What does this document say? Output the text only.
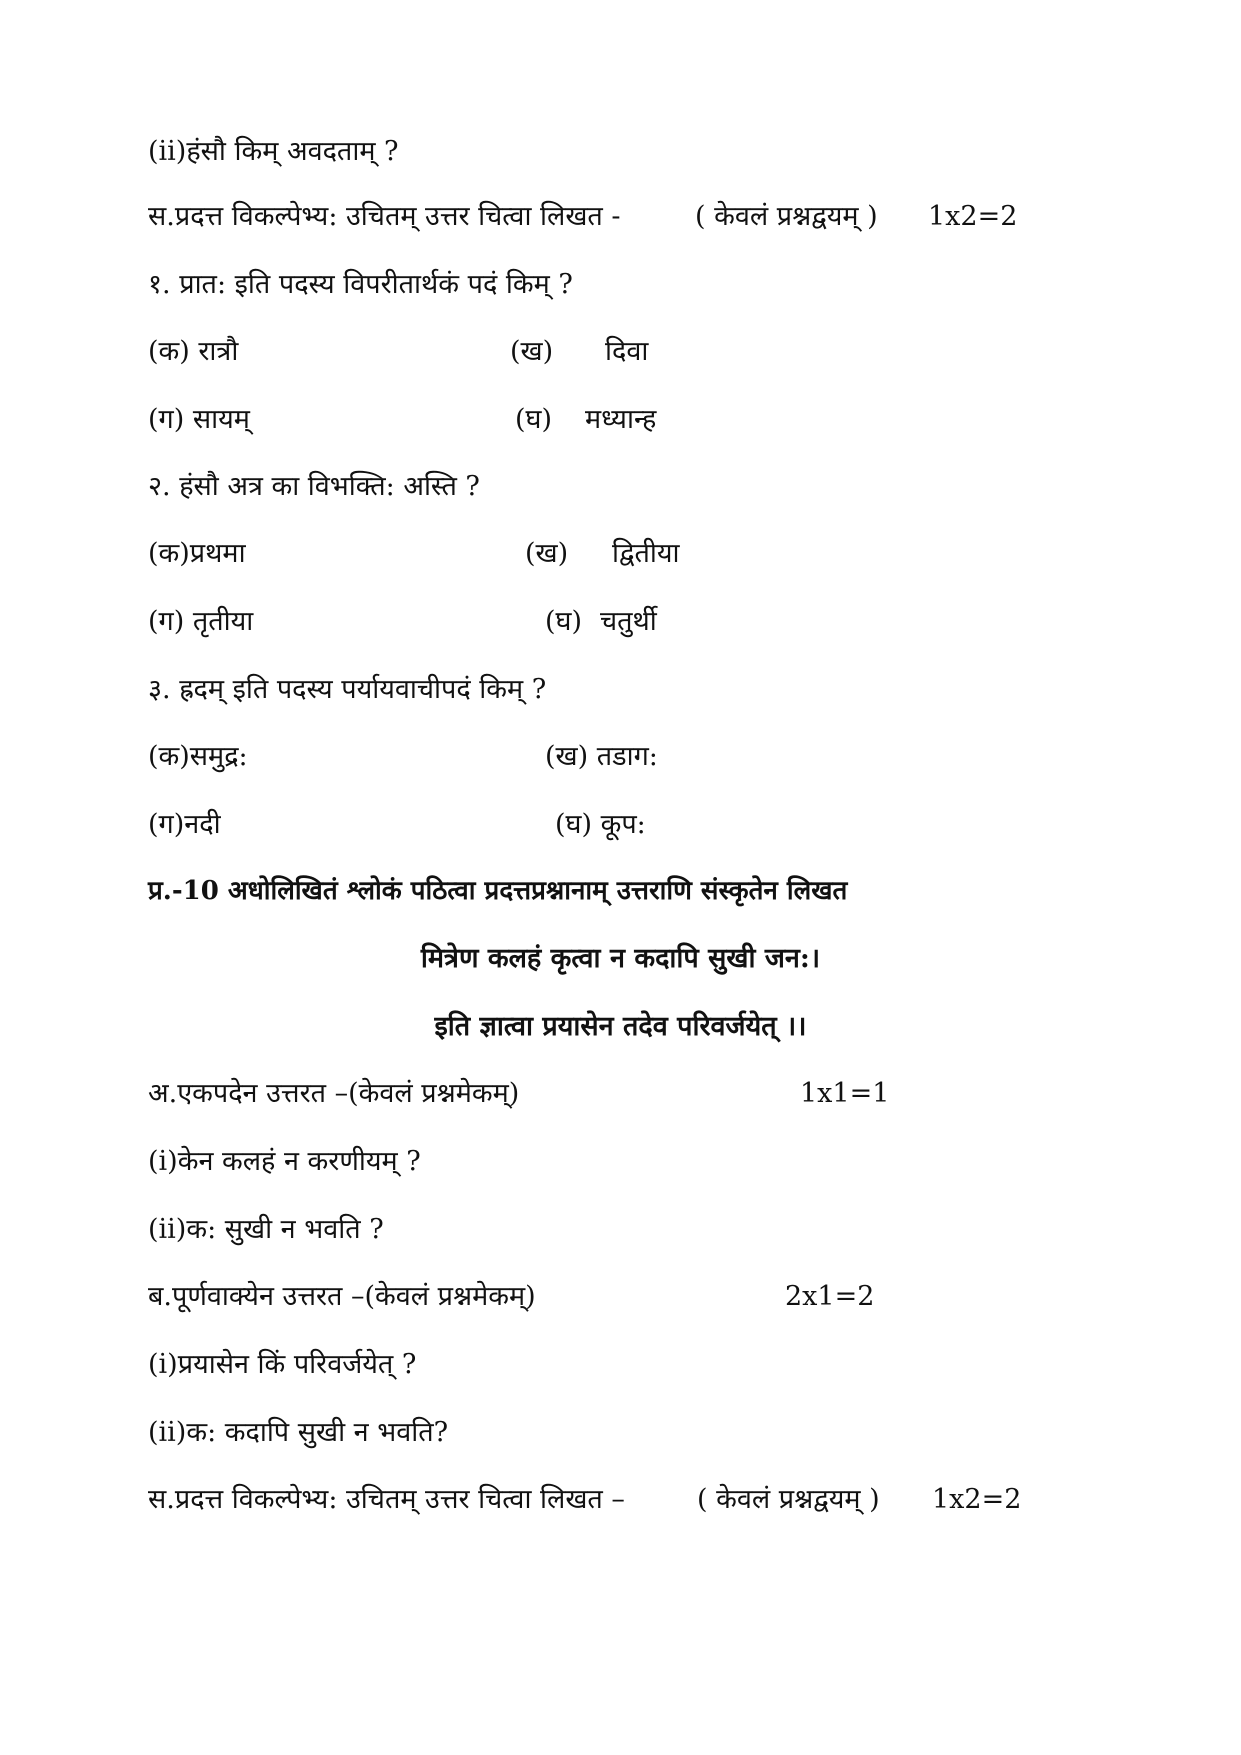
(ii)हंसौ किम् अवदताम् ?
स.प्रदत्त विकल्पेभ्य: उचितम् उत्तर चित्वा लिखत -	( केवलं प्रश्नद्वयम् ) 1x2=2
१. प्रात: इति पदस्य विपरीतार्थकं पदं किम् ?
(क) रात्रौ	(ख) दिवा
(ग) सायम्	(घ) मध्यान्ह
२. हंसौ अत्र का विभक्ति: अस्ति ?
(क)प्रथमा	(ख) द्वितीया
(ग) तृतीया	(घ) चतुर्थी
३. ह्रदम् इति पदस्य पर्यायवाचीपदं किम् ?
(क)समुद्र:	(ख) तडाग:
(ग)नदी	(घ) कूप:
प्र.-10 अधोलिखितं श्लोकं पठित्वा प्रदत्तप्रश्नानाम् उत्तराणि संस्कृतेन लिखत
मित्रेण कलहं कृत्वा न कदापि सुखी जन:।
इति ज्ञात्वा प्रयासेन तदेव परिवर्जयेत् ।।
अ.एकपदेन उत्तरत –(केवलं प्रश्नमेकम्)	1x1=1
(i)केन कलहं न करणीयम् ?
(ii)क: सुखी न भवति ?
ब.पूर्णवाक्येन उत्तरत –(केवलं प्रश्नमेकम्)	2x1=2
(i)प्रयासेन किं परिवर्जयेत् ?
(ii)क: कदापि सुखी न भवति?
स.प्रदत्त विकल्पेभ्य: उचितम् उत्तर चित्वा लिखत –	( केवलं प्रश्नद्वयम् ) 1x2=2
